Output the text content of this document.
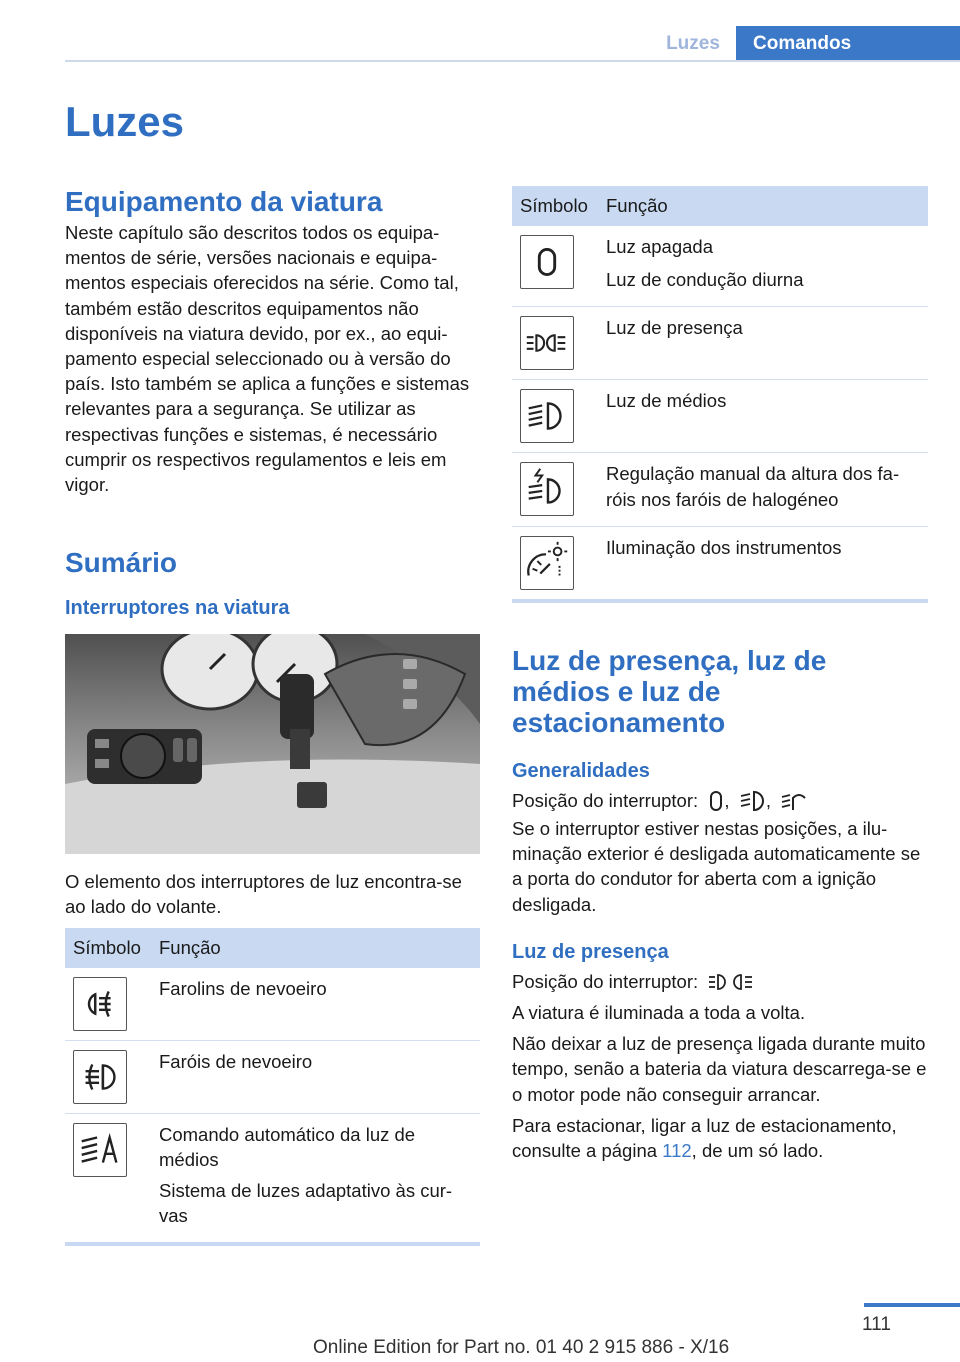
Luzes	Comandos
Luzes
Equipamento da viatura

Neste capítulo são descritos todos os equipamentos de série, versões nacionais e equipamentos especiais oferecidos na série. Como tal, também estão descritos equipamentos não disponíveis na viatura devido, por ex., ao equipamento especial seleccionado ou à versão do país. Isto também se aplica a funções e sistemas relevantes para a segurança. Se utilizar as respectivas funções e sistemas, é necessário cumprir os respectivos regulamentos e leis em vigor.

Sumário
Interruptores na viatura

O elemento dos interruptores de luz encontra-se ao lado do volante.

Símbolo	Função

Farolins de nevoeiro

Faróis de nevoeiro

Comando automático da luz de médios
Sistema de luzes adaptativo às curvas
Símbolo	Função

Luz apagada
Luz de condução diurna

Luz de presença

Luz de médios

Regulação manual da altura dos faróis nos faróis de halogéneo

Iluminação dos instrumentos
Luz de presença, luz de médios e luz de estacionamento
Generalidades

Posição do interruptor: , ,

Se o interruptor estiver nestas posições, a iluminação exterior é desligada automaticamente se a porta do condutor for aberta com a ignição desligada.

Luz de presença

Posição do interruptor:

A viatura é iluminada a toda a volta.

Não deixar a luz de presença ligada durante muito tempo, senão a bateria da viatura descarrega-se e o motor pode não conseguir arrancar.

Para estacionar, ligar a luz de estacionamento, consulte a página 112, de um só lado.

111
Online Edition for Part no. 01 40 2 915 886 - X/16
